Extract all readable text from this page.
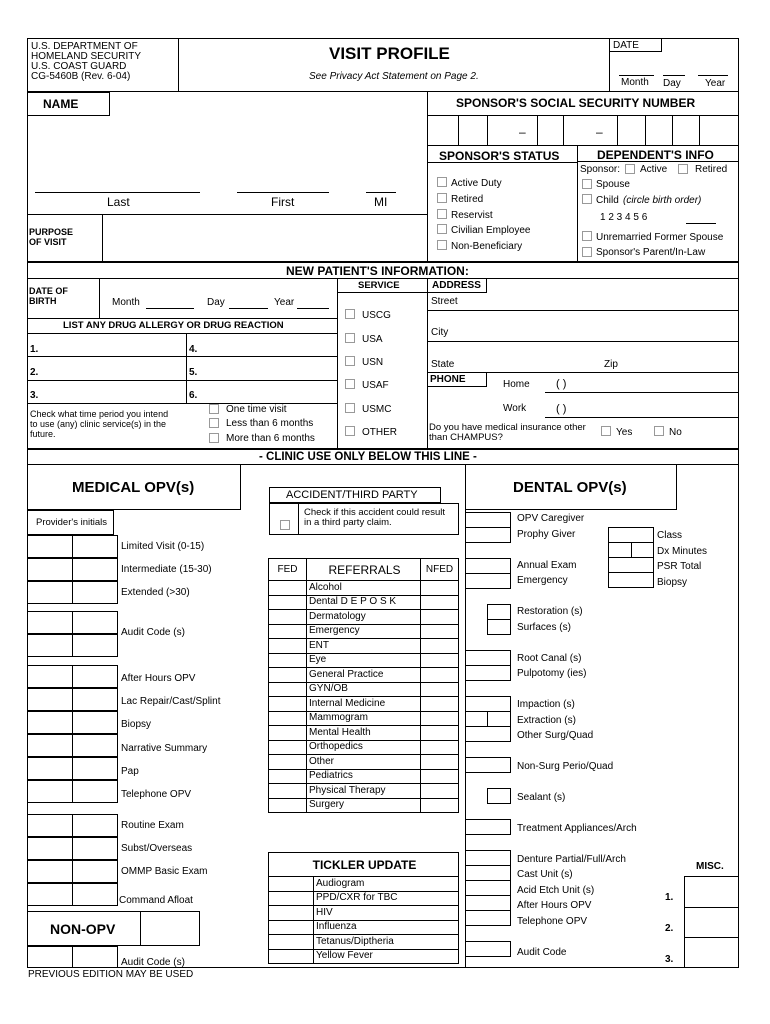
U.S. DEPARTMENT OF
HOMELAND SECURITY
U.S. COAST GUARD
CG-5460B (Rev. 6-04)
VISIT PROFILE
See Privacy Act Statement on Page 2.
DATE
Month Day Year
NAME	SPONSOR'S SOCIAL SECURITY NUMBER
–	–
Last	First	MI
PURPOSE
OF VISIT
SPONSOR'S STATUS	DEPENDENT'S INFO
Active Duty
Retired
Reservist
Civilian Employee
Non-Beneficiary
Sponsor: Active	Retired
Spouse
Child (circle birth order)
1 2 3 4 5 6
Unremarried Former Spouse
Sponsor's Parent/In-Law
NEW PATIENT'S INFORMATION:
DATE OF
BIRTH	Month	Day	Year
LIST ANY DRUG ALLERGY OR DRUG REACTION
1.
2.
3.
4.
5.
6.
Check what time period you intend
to use (any) clinic service(s) in the
future.
One time visit
Less than 6 months
More than 6 months
SERVICE
USCG
USA
USN
USAF
USMC
OTHER
ADDRESS
Street
City
State	Zip
PHONE	Home ( )
Work	( )
Do you have medical insurance other
than CHAMPUS?	Yes	No
- CLINIC USE ONLY BELOW THIS LINE -
MEDICAL OPV(s)
Provider's initials
Limited Visit (0-15)
Intermediate (15-30)
Extended (>30)
Audit Code (s)
After Hours OPV
Lac Repair/Cast/Splint
Biopsy
Narrative Summary
Pap
Telephone OPV
Routine Exam
Subst/Overseas
OMMP Basic Exam
Command Afloat
NON-OPV
Audit Code (s)
ACCIDENT/THIRD PARTY
Check if this accident could result
in a third party claim.
FED	REFERRALS	NFED
	Alcohol	
	Dental D E P O S K	
	Dermatology	
	Emergency	
	ENT	
	Eye	
	General Practice	
	GYN/OB	
	Internal Medicine	
	Mammogram	
	Mental Health	
	Orthopedics	
	Other	
	Pediatrics	
	Physical Therapy	
	Surgery	
TICKLER UPDATE	
	Audiogram
	PPD/CXR for TBC
	HIV
	Influenza
	Tetanus/Diptheria
	Yellow Fever
DENTAL OPV(s)
OPV Caregiver
Prophy Giver
Annual Exam
Emergency
Restoration (s)
Surfaces (s)
Root Canal (s)
Pulpotomy (ies)
Impaction (s)
Extraction (s)
Other Surg/Quad
Non-Surg Perio/Quad
Sealant (s)
Treatment Appliances/Arch
Denture Partial/Full/Arch
Cast Unit (s)
Acid Etch Unit (s)
After Hours OPV
Telephone OPV
Audit Code
Class
Dx Minutes
PSR Total
Biopsy
MISC.
1.
2.
3.
PREVIOUS EDITION MAY BE USED
